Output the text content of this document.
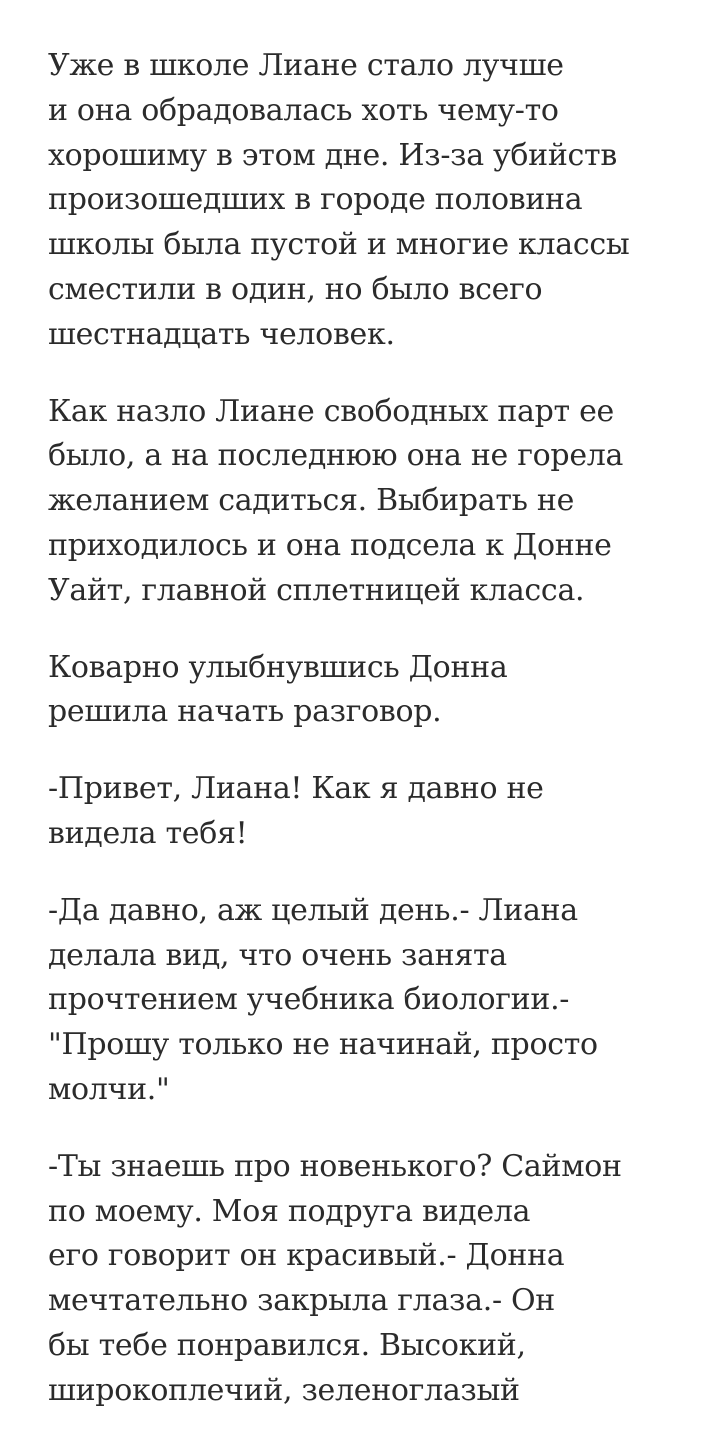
Уже в школе Лиане стало лучше
и она обрадовалась хоть чему-то
хорошиму в этом дне. Из-за убийств
произошедших в городе половина
школы была пустой и многие классы
сместили в один, но было всего
шестнадцать человек.

Как назло Лиане свободных парт ее
было, а на последнюю она не горела
желанием садиться. Выбирать не
приходилось и она подсела к Донне
Уайт, главной сплетницей класса.

Коварно улыбнувшись Донна
решила начать разговор.

-Привет, Лиана! Как я давно не
видела тебя!

-Да давно, аж целый день.- Лиана
делала вид, что очень занята
прочтением учебника биологии.-
"Прошу только не начинай, просто
молчи."

-Ты знаешь про новенького? Саймон
по моему. Моя подруга видела
его говорит он красивый.- Донна
мечтательно закрыла глаза.- Он
бы тебе понравился. Высокий,
широкоплечий, зеленоглазый
